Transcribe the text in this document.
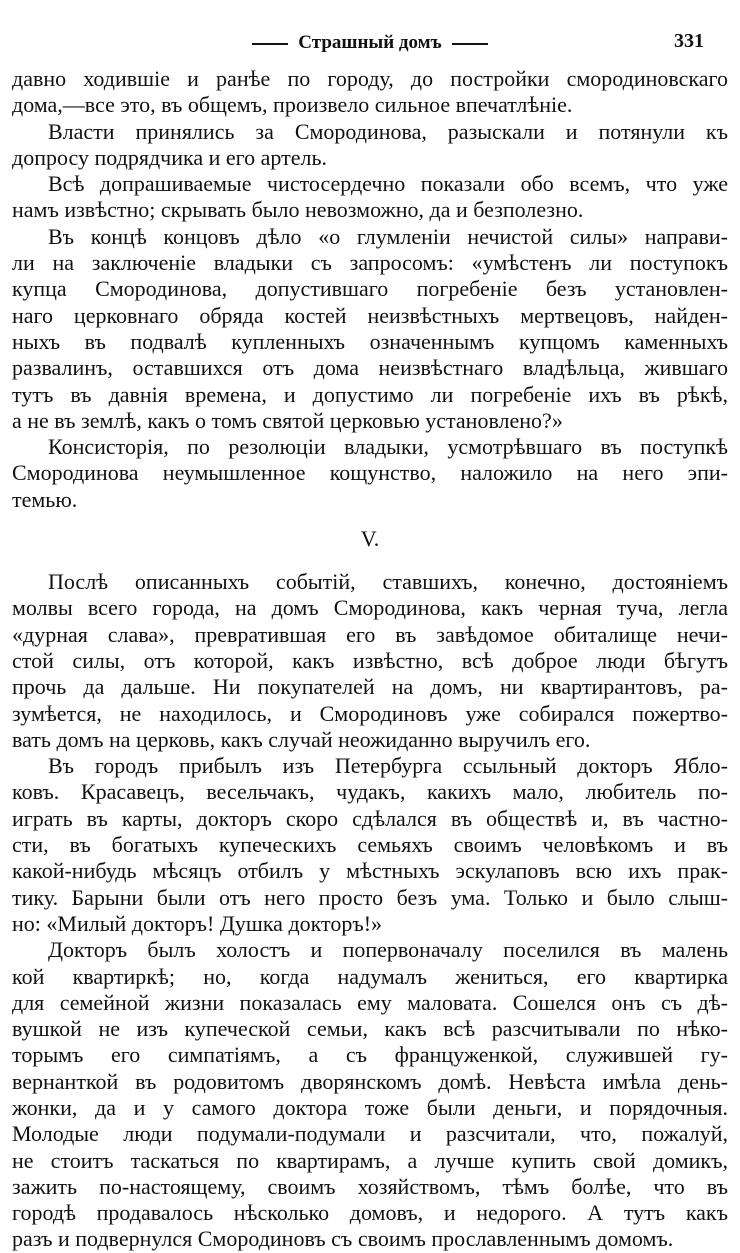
Страшный домъ	331
давно ходившіе и ранѣе по городу, до постройки смородиновскаго
дома,—все это, въ общемъ, произвело сильное впечатлѣніе.
Власти принялись за Смородинова, разыскали и потянули къ
допросу подрядчика и его артель.
Всѣ допрашиваемые чистосердечно показали обо всемъ, что уже
намъ извѣстно; скрывать было невозможно, да и безполезно.
Въ концѣ концовъ дѣло «о глумленіи нечистой силы» направи-
ли на заключеніе владыки съ запросомъ: «умѣстенъ ли поступокъ
купца Смородинова, допустившаго погребеніе безъ установлен-
наго церковнаго обряда костей неизвѣстныхъ мертвецовъ, найден-
ныхъ въ подвалѣ купленныхъ означеннымъ купцомъ каменныхъ
развалинъ, оставшихся отъ дома неизвѣстнаго владѣльца, жившаго
тутъ въ давнія времена, и допустимо ли погребеніе ихъ въ рѣкѣ,
а не въ землѣ, какъ о томъ святой церковью установлено?»
Консисторія, по резолюціи владыки, усмотрѣвшаго въ поступкѣ
Смородинова неумышленное кощунство, наложило на него эпи-
темью.
V.
Послѣ описанныхъ событій, ставшихъ, конечно, достояніемъ
молвы всего города, на домъ Смородинова, какъ черная туча, легла
«дурная слава», превратившая его въ завѣдомое обиталище нечи-
стой силы, отъ которой, какъ извѣстно, всѣ доброе люди бѣгутъ
прочь да дальше. Ни покупателей на домъ, ни квартирантовъ, ра-
зумѣется, не находилось, и Смородиновъ уже собирался пожертво-
вать домъ на церковь, какъ случай неожиданно выручилъ его.
Въ городъ прибылъ изъ Петербурга ссыльный докторъ Ябло-
ковъ. Красавецъ, весельчакъ, чудакъ, какихъ мало, любитель по-
играть въ карты, докторъ скоро сдѣлался въ обществѣ и, въ частно-
сти, въ богатыхъ купеческихъ семьяхъ своимъ человѣкомъ и въ
какой-нибудь мѣсяцъ отбилъ у мѣстныхъ эскулаповъ всю ихъ прак-
тику. Барыни были отъ него просто безъ ума. Только и было слыш-
но: «Милый докторъ! Душка докторъ!»
Докторъ былъ холостъ и попервоначалу поселился въ малень
кой квартиркѣ; но, когда надумалъ жениться, его квартирка
для семейной жизни показалась ему маловата. Сошелся онъ съ дѣ-
вушкой не изъ купеческой семьи, какъ всѣ разсчитывали по нѣко-
торымъ его симпатіямъ, а съ француженкой, служившей гу-
вернанткой въ родовитомъ дворянскомъ домѣ. Невѣста имѣла день-
жонки, да и у самого доктора тоже были деньги, и порядочныя.
Молодые люди подумали-подумали и разсчитали, что, пожалуй,
не стоитъ таскаться по квартирамъ, а лучше купить свой домикъ,
зажить по-настоящему, своимъ хозяйствомъ, тѣмъ болѣе, что въ
городѣ продавалось нѣсколько домовъ, и недорого. А тутъ какъ
разъ и подвернулся Смородиновъ съ своимъ прославленнымъ домомъ.
